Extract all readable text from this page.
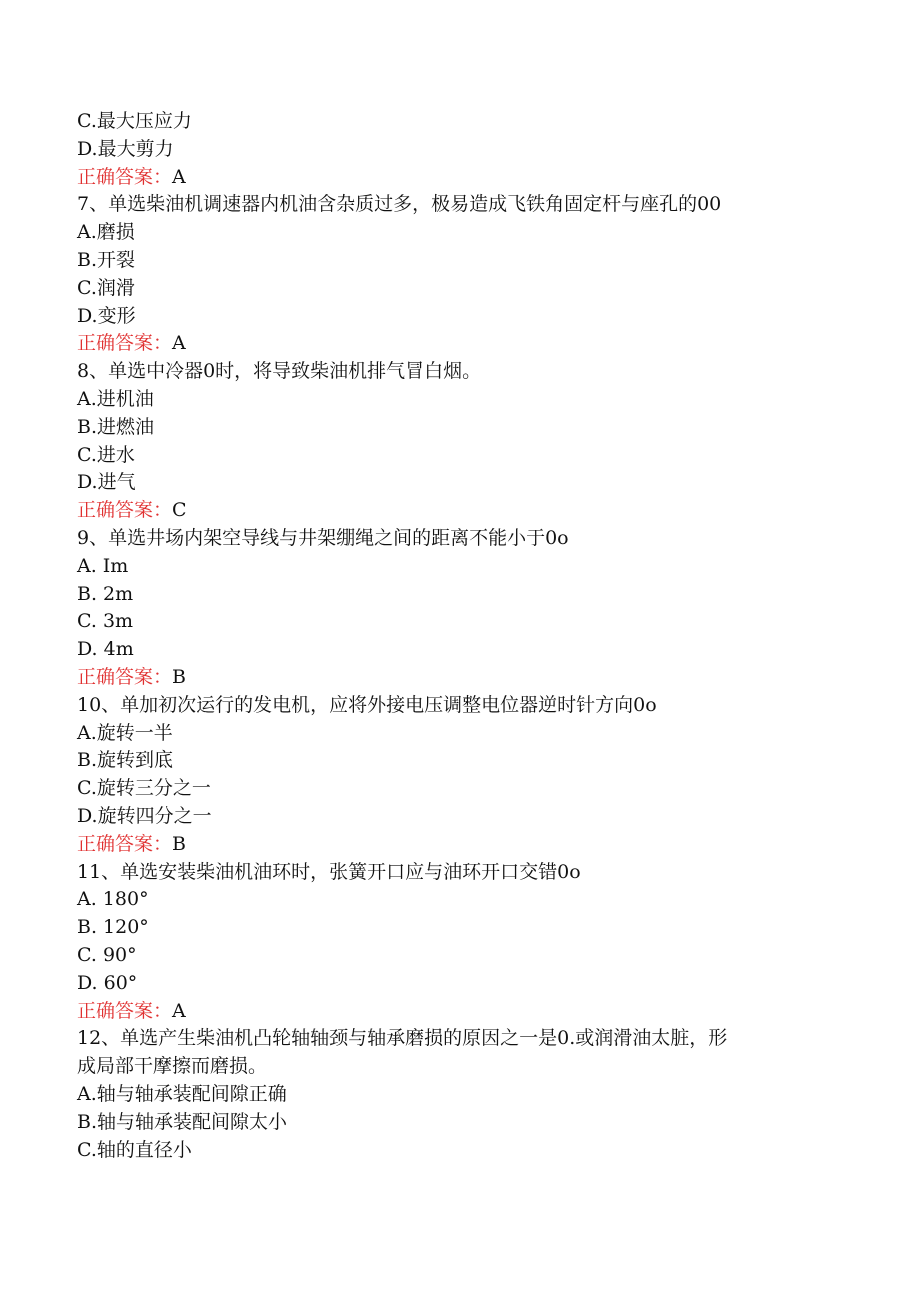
C.最大压应力
D.最大剪力
正确答案：A
7、单选柴油机调速器内机油含杂质过多，极易造成飞铁角固定杆与座孔的00
A.磨损
B.开裂
C.润滑
D.变形
正确答案：A
8、单选中冷器0时，将导致柴油机排气冒白烟。
A.进机油
B.进燃油
C.进水
D.进气
正确答案：C
9、单选井场内架空导线与井架绷绳之间的距离不能小于0o
A. Im
B. 2m
C. 3m
D. 4m
正确答案：B
10、单加初次运行的发电机，应将外接电压调整电位器逆时针方向0o
A.旋转一半
B.旋转到底
C.旋转三分之一
D.旋转四分之一
正确答案：B
11、单选安装柴油机油环时，张簧开口应与油环开口交错0o
A. 180°
B. 120°
C. 90°
D. 60°
正确答案：A
12、单选产生柴油机凸轮轴轴颈与轴承磨损的原因之一是0.或润滑油太脏，形
成局部干摩擦而磨损。
A.轴与轴承装配间隙正确
B.轴与轴承装配间隙太小
C.轴的直径小
